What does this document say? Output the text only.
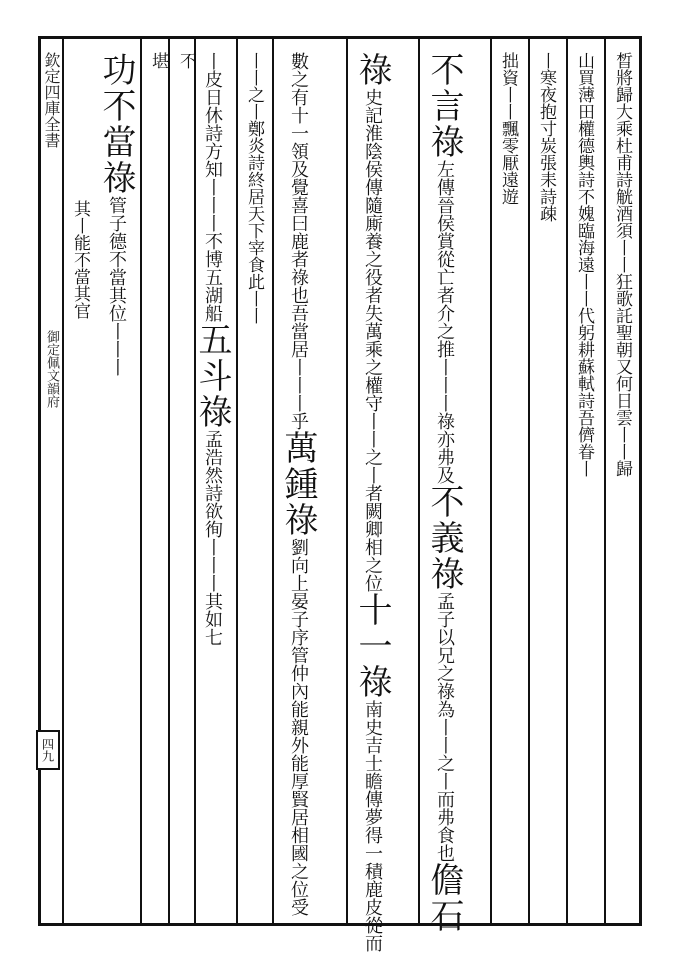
欽定四庫全書
御定佩文韻府
四九
晳將歸大乘杜甫詩觥酒須丨丨狂歌託聖朝又何日雲丨丨歸
山買薄田權德輿詩不媿臨海遠丨丨代躬耕蘇軾詩吾儕眷丨
丨寒夜抱寸炭張耒詩疎
拙資丨丨飄零厭遠遊
不言祿左傳晉侯賞從亡者介之推丨丨丨祿亦弗及不義祿孟子以兄之祿為丨丨之丨而弗食也儋石
祿史記淮陰侯傳隨廝養之役者失萬乘之權守丨丨之丨者闕卿相之位十一祿南史吉士瞻傳夢得一積鹿皮從而
數之有十一領及覺喜曰鹿者祿也吾當居丨丨丨乎萬鍾祿劉向上晏子序管仲內能親外能厚賢居相國之位受
丨丨之丨鄭炎詩終居天下宰食此丨丨
丨皮日休詩方知丨丨丨不博五湖船五斗祿孟浩然詩欲徇丨丨丨其如七
不
堪
功不當祿管子德不當其位丨丨丨
其丨能不當其官
